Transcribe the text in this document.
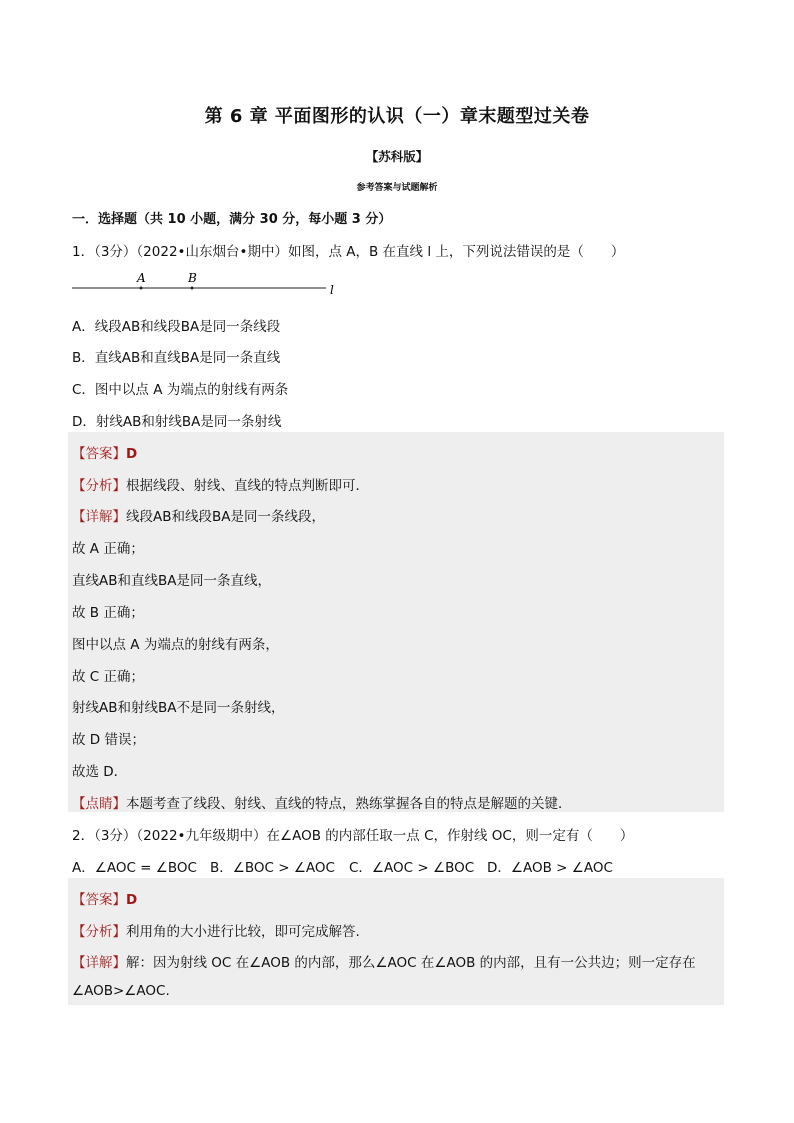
第 6 章 平面图形的认识（一）章末题型过关卷
【苏科版】
参考答案与试题解析
一．选择题（共 10 小题，满分 30 分，每小题 3 分）
1．（3分）（2022•山东烟台•期中）如图，点 A，B 在直线 l 上，下列说法错误的是（　　）
A	B
l
A．线段AB和线段BA是同一条线段
B．直线AB和直线BA是同一条直线
C．图中以点 A 为端点的射线有两条
D．射线AB和射线BA是同一条射线
【答案】D
【分析】根据线段、射线、直线的特点判断即可．
【详解】线段AB和线段BA是同一条线段，
故 A 正确；
直线AB和直线BA是同一条直线，
故 B 正确；
图中以点 A 为端点的射线有两条，
故 C 正确；
射线AB和射线BA不是同一条射线，
故 D 错误；
故选 D．
【点睛】本题考查了线段、射线、直线的特点，熟练掌握各自的特点是解题的关键．
2．（3分）（2022•九年级期中）在∠AOB 的内部任取一点 C，作射线 OC，则一定有（　　）
A．∠AOC = ∠BOC B．∠BOC > ∠AOC C．∠AOC > ∠BOC D．∠AOB > ∠AOC
【答案】D
【分析】利用角的大小进行比较，即可完成解答.
【详解】解：因为射线 OC 在∠AOB 的内部，那么∠AOC 在∠AOB 的内部，且有一公共边；则一定存在
∠AOB>∠AOC.
